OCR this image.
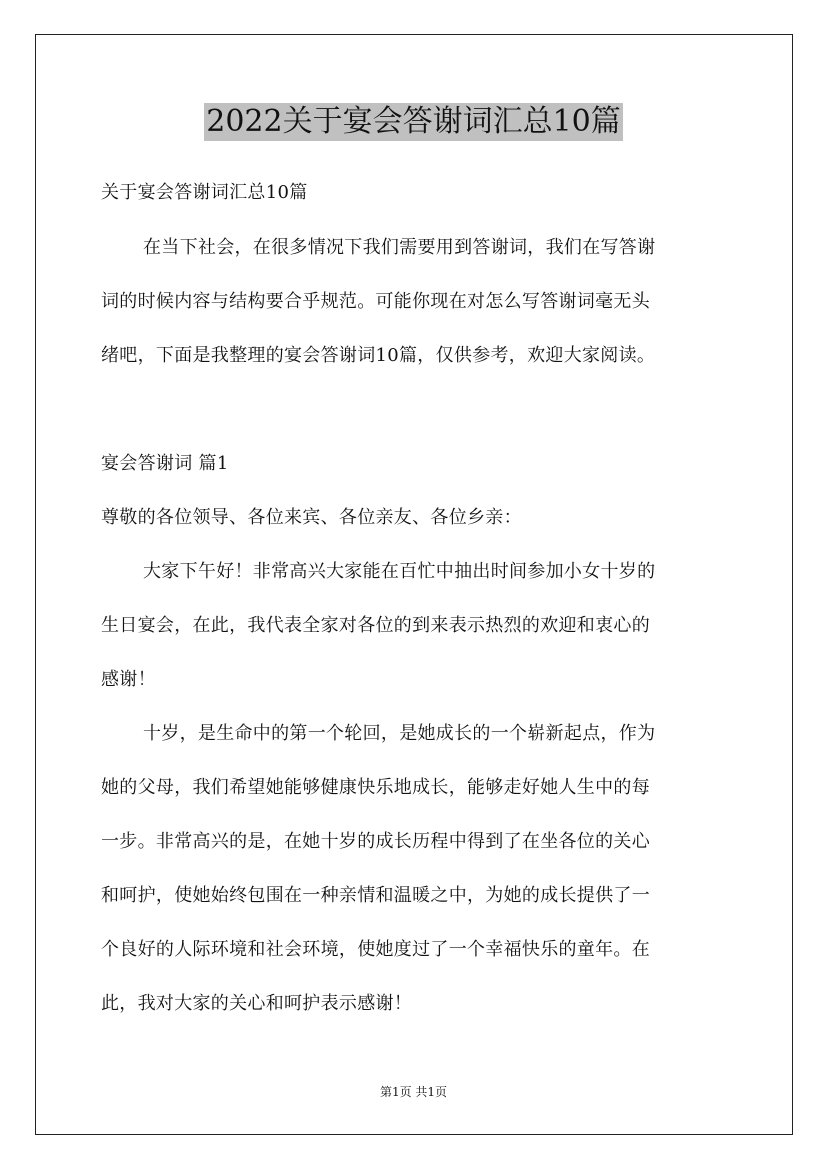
2022关于宴会答谢词汇总10篇
关于宴会答谢词汇总10篇
在当下社会，在很多情况下我们需要用到答谢词，我们在写答谢
词的时候内容与结构要合乎规范。可能你现在对怎么写答谢词毫无头
绪吧，下面是我整理的宴会答谢词10篇，仅供参考，欢迎大家阅读。
宴会答谢词 篇1
尊敬的各位领导、各位来宾、各位亲友、各位乡亲：
大家下午好！非常高兴大家能在百忙中抽出时间参加小女十岁的
生日宴会，在此，我代表全家对各位的到来表示热烈的欢迎和衷心的
感谢！
十岁，是生命中的第一个轮回，是她成长的一个崭新起点，作为
她的父母，我们希望她能够健康快乐地成长，能够走好她人生中的每
一步。非常高兴的是，在她十岁的成长历程中得到了在坐各位的关心
和呵护，使她始终包围在一种亲情和温暖之中，为她的成长提供了一
个良好的人际环境和社会环境，使她度过了一个幸福快乐的童年。在
此，我对大家的关心和呵护表示感谢！
第1页 共1页
